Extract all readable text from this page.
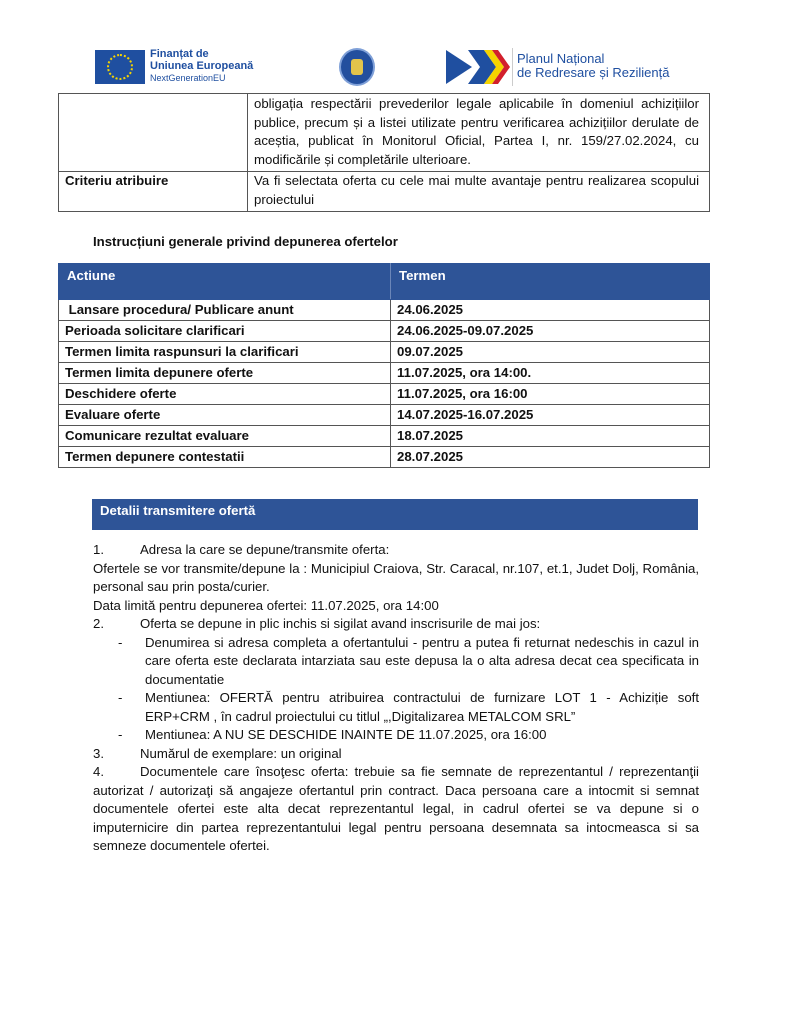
Finanțat de
Uniunea Europeană
NextGenerationEU
Planul Național
de Redresare și Reziliență
	obligația respectării prevederilor legale aplicabile în domeniul achizițiilor publice, precum și a listei utilizate pentru verificarea achizițiilor derulate de aceștia, publicat în Monitorul Oficial, Partea I, nr. 159/27.02.2024, cu modificările și completările ulterioare.
Criteriu atribuire	Va fi selectata oferta cu cele mai multe avantaje pentru realizarea scopului proiectului
Instrucțiuni generale privind depunerea ofertelor
Actiune	Termen
Lansare procedura/ Publicare anunt	24.06.2025
Perioada solicitare clarificari	24.06.2025-09.07.2025
Termen limita raspunsuri la clarificari	09.07.2025
Termen limita depunere oferte	11.07.2025, ora 14:00.
Deschidere oferte	11.07.2025, ora 16:00
Evaluare oferte	14.07.2025-16.07.2025
Comunicare rezultat evaluare	18.07.2025
Termen depunere contestatii	28.07.2025
Detalii transmitere ofertă

1.	Adresa la care se depune/transmite oferta:

Ofertele se vor transmite/depune la : Municipiul Craiova, Str. Caracal, nr.107, et.1, Judet Dolj, România, personal sau prin posta/curier.

Data limită pentru depunerea ofertei: 11.07.2025, ora 14:00

2.	Oferta se depune in plic inchis si sigilat avand inscrisurile de mai jos:

-	Denumirea si adresa completa a ofertantului - pentru a putea fi returnat nedeschis in cazul in care oferta este declarata intarziata sau este depusa la o alta adresa decat cea specificata in documentatie
-	Mentiunea: OFERTĂ pentru atribuirea contractului de furnizare LOT 1 - Achiziție soft ERP+CRM , în cadrul proiectului cu titlul „,Digitalizarea METALCOM SRL”
-	Mentiunea: A NU SE DESCHIDE INAINTE DE 11.07.2025, ora 16:00

3.	Numărul de exemplare: un original

4.	Documentele care însoţesc oferta: trebuie sa fie semnate de reprezentantul / reprezentanţii autorizat / autorizaţi să angajeze ofertantul prin contract. Daca persoana care a intocmit si semnat documentele ofertei este alta decat reprezentantul legal, in cadrul ofertei se va depune si o imputernicire din partea reprezentantului legal pentru persoana desemnata sa intocmeasca si sa semneze documentele ofertei.
